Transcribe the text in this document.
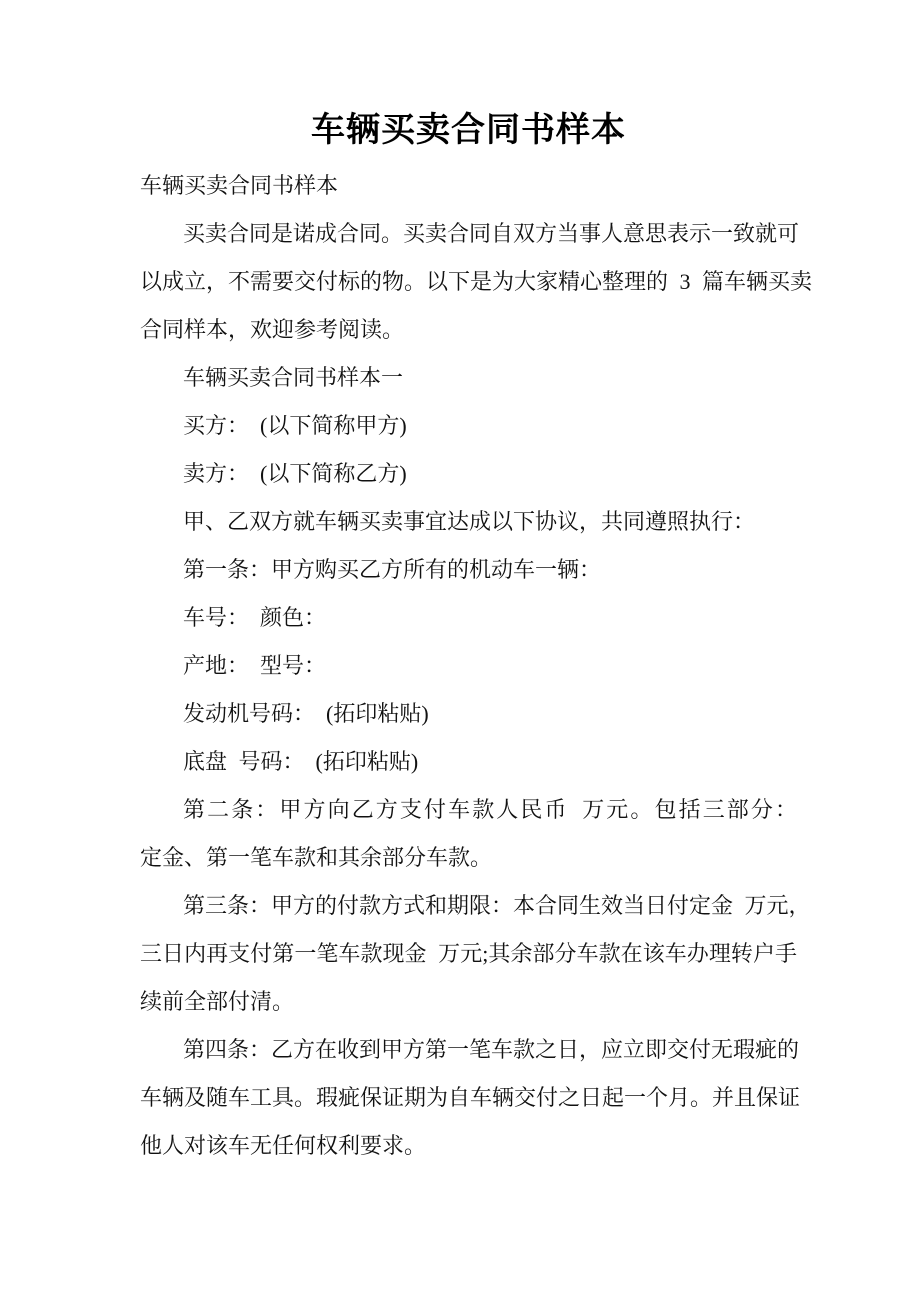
车辆买卖合同书样本
车辆买卖合同书样本
买卖合同是诺成合同。买卖合同自双方当事人意思表示一致就可
以成立，不需要交付标的物。以下是为大家精心整理的 3 篇车辆买卖
合同样本，欢迎参考阅读。
车辆买卖合同书样本一
买方：　(以下简称甲方)
卖方：　(以下简称乙方)
甲、乙双方就车辆买卖事宜达成以下协议，共同遵照执行：
第一条：甲方购买乙方所有的机动车一辆：
车号：　颜色：
产地：　型号：
发动机号码：　(拓印粘贴)
底盘 号码：　(拓印粘贴)
第二条：甲方向乙方支付车款人民币 万元。包括三部分：
定金、第一笔车款和其余部分车款。
第三条：甲方的付款方式和期限：本合同生效当日付定金 万元，
三日内再支付第一笔车款现金 万元;其余部分车款在该车办理转户手
续前全部付清。
第四条：乙方在收到甲方第一笔车款之日，应立即交付无瑕疵的
车辆及随车工具。瑕疵保证期为自车辆交付之日起一个月。并且保证
他人对该车无任何权利要求。
